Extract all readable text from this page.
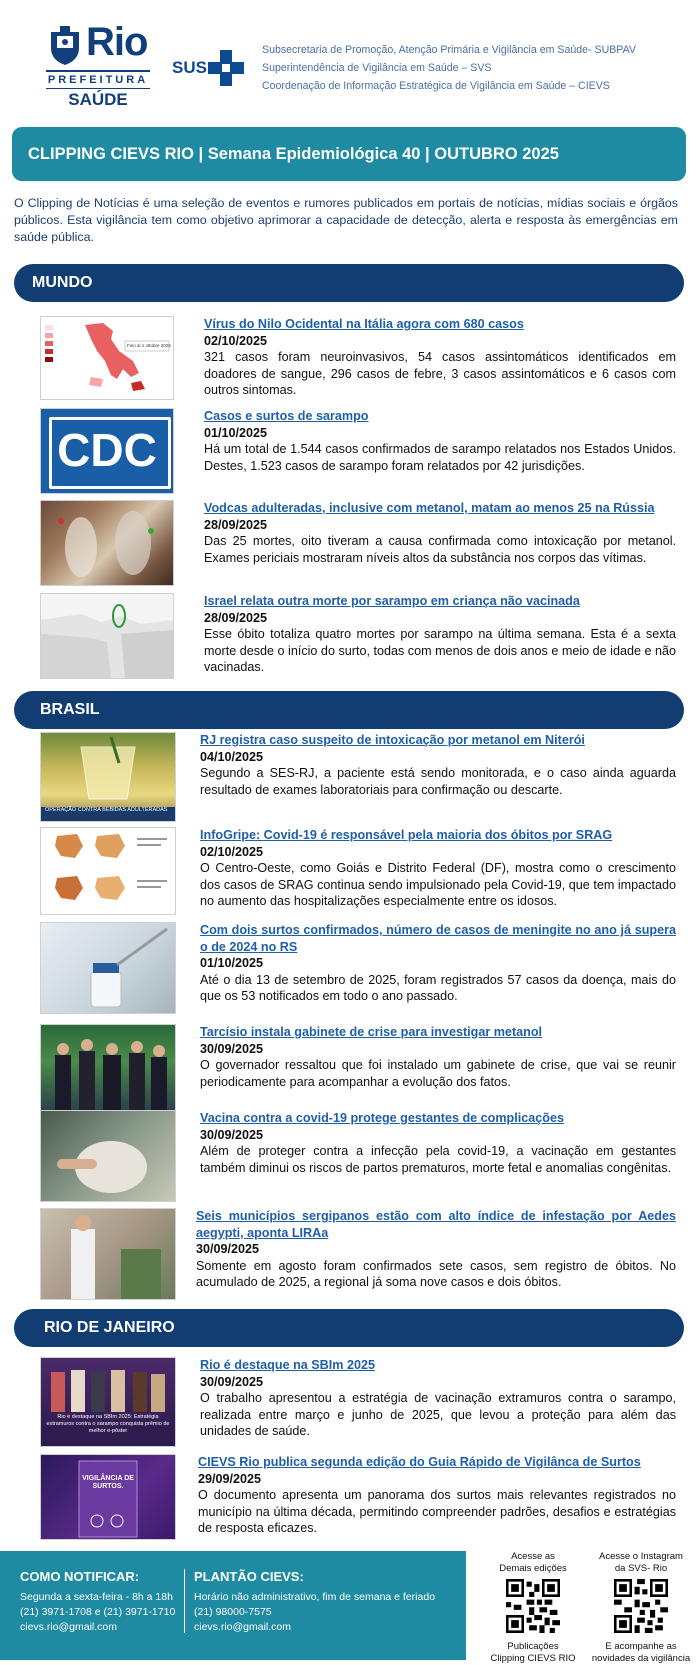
Rio
PREFEITURA
SAÚDE
SUS
Subsecretaria de Promoção, Atenção Primária e Vigilância em Saúde- SUBPAV
Superintendência de Vigilância em Saúde – SVS
Coordenação de Informação Estratégica de Vigilância em Saúde – CIEVS
CLIPPING CIEVS RIO | Semana Epidemiológica 40 | OUTUBRO 2025
O Clipping de Notícias é uma seleção de eventos e rumores publicados em portais de notícias, mídias sociais e órgãos públicos. Esta vigilância tem como objetivo aprimorar a capacidade de detecção, alerta e resposta às emergências em saúde pública.
MUNDO
Fino al 1 ottobre 2025
Vírus do Nilo Ocidental na Itália agora com 680 casos
02/10/2025
321 casos foram neuroinvasivos, 54 casos assintomáticos identificados em doadores de sangue, 296 casos de febre, 3 casos assintomáticos e 6 casos com outros sintomas.
CDC
Casos e surtos de sarampo
01/10/2025
Há um total de 1.544 casos confirmados de sarampo relatados nos Estados Unidos. Destes, 1.523 casos de sarampo foram relatados por 42 jurisdições.
Vodcas adulteradas, inclusive com metanol, matam ao menos 25 na Rússia
28/09/2025
Das 25 mortes, oito tiveram a causa confirmada como intoxicação por metanol. Exames periciais mostraram níveis altos da substância nos corpos das vítimas.
Israel relata outra morte por sarampo em criança não vacinada
28/09/2025
Esse óbito totaliza quatro mortes por sarampo na última semana. Esta é a sexta morte desde o início do surto, todas com menos de dois anos e meio de idade e não vacinadas.
BRASIL
OPERAÇÃO CONTRA BEBIDAS ADULTERADAS
RJ registra caso suspeito de intoxicação por metanol em Niterói
04/10/2025
Segundo a SES-RJ, a paciente está sendo monitorada, e o caso ainda aguarda resultado de exames laboratoriais para confirmação ou descarte.
InfoGripe: Covid-19 é responsável pela maioria dos óbitos por SRAG
02/10/2025
O Centro-Oeste, como Goiás e Distrito Federal (DF), mostra como o crescimento dos casos de SRAG continua sendo impulsionado pela Covid-19, que tem impactado no aumento das hospitalizações especialmente entre os idosos.
Com dois surtos confirmados, número de casos de meningite no ano já supera o de 2024 no RS
01/10/2025
Até o dia 13 de setembro de 2025, foram registrados 57 casos da doença, mais do que os 53 notificados em todo o ano passado.
Tarcísio instala gabinete de crise para investigar metanol
30/09/2025
O governador ressaltou que foi instalado um gabinete de crise, que vai se reunir periodicamente para acompanhar a evolução dos fatos.
Vacina contra a covid-19 protege gestantes de complicações
30/09/2025
Além de proteger contra a infecção pela covid-19, a vacinação em gestantes também diminui os riscos de partos prematuros, morte fetal e anomalias congênitas.
Seis municípios sergipanos estão com alto índice de infestação por Aedes aegypti, aponta LIRAa
30/09/2025
Somente em agosto foram confirmados sete casos, sem registro de óbitos. No acumulado de 2025, a regional já soma nove casos e dois óbitos.
RIO DE JANEIRO
Rio é destaque na SBIm 2025: Estratégia extramuros contra o sarampo conquista prêmio de melhor e-pôster
Rio é destaque na SBIm 2025
30/09/2025
O trabalho apresentou a estratégia de vacinação extramuros contra o sarampo, realizada entre março e junho de 2025, que levou a proteção para além das unidades de saúde.
VIGILÂNCIA DE SURTOS.
CIEVS Rio publica segunda edição do Guia Rápido de Vigilânca de Surtos
29/09/2025
O documento apresenta um panorama dos surtos mais relevantes registrados no município na última década, permitindo compreender padrões, desafios e estratégias de resposta eficazes.
COMO NOTIFICAR:
Segunda a sexta-feira - 8h a 18h
(21) 3971-1708 e (21) 3971-1710
cievs.rio@gmail.com
PLANTÃO CIEVS:
Horário não administrativo, fim de semana e feriado
(21) 98000-7575
cievs.rio@gmail.com
Acesse as
Demais edições
Publicações
Clipping CIEVS RIO
Acesse o Instagram
da SVS- Rio
E acompanhe as
novidades da vigilância
